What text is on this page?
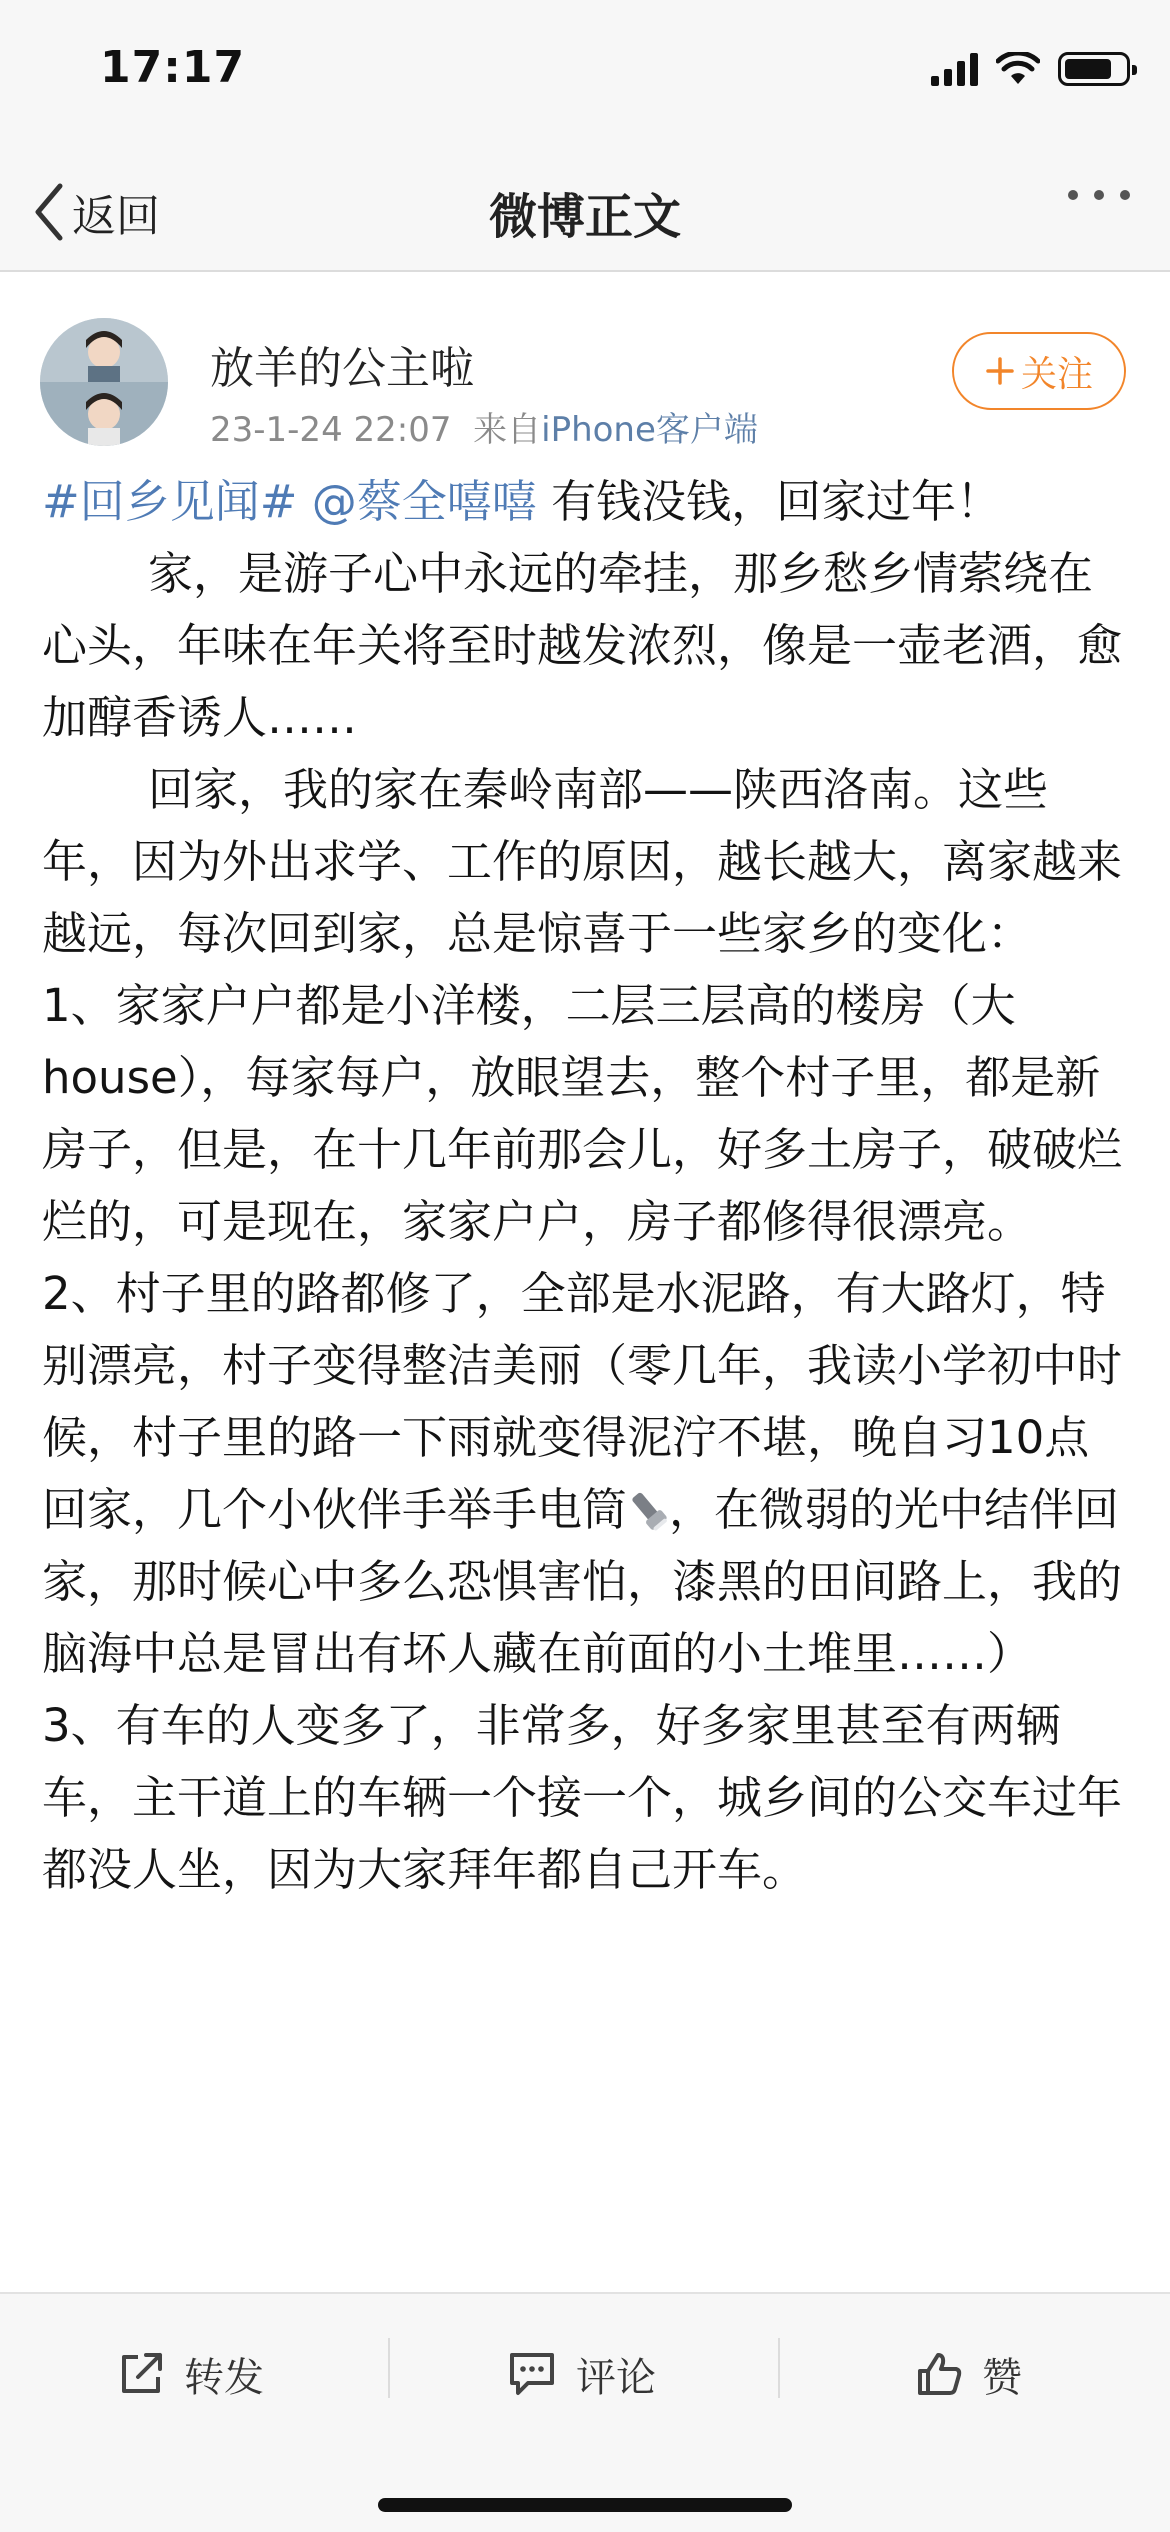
17:17
返回	微博正文
放羊的公主啦
23-1-24 22:07 来自iPhone客户端
关注

#回乡见闻# @蔡全嘻嘻 有钱没钱，回家过年！

家，是游子心中永远的牵挂，那乡愁乡情萦绕在心头，年味在年关将至时越发浓烈，像是一壶老酒，愈加醇香诱人……

回家，我的家在秦岭南部——陕西洛南。这些年，因为外出求学、工作的原因，越长越大，离家越来越远，每次回到家，总是惊喜于一些家乡的变化：

1、家家户户都是小洋楼，二层三层高的楼房（大house），每家每户，放眼望去，整个村子里，都是新房子，但是，在十几年前那会儿，好多土房子，破破烂烂的，可是现在，家家户户，房子都修得很漂亮。

2、村子里的路都修了，全部是水泥路，有大路灯，特别漂亮，村子变得整洁美丽（零几年，我读小学初中时候，村子里的路一下雨就变得泥泞不堪，晚自习10点回家，几个小伙伴手举手电筒 ，在微弱的光中结伴回家，那时候心中多么恐惧害怕，漆黑的田间路上，我的脑海中总是冒出有坏人藏在前面的小土堆里……）

3、有车的人变多了，非常多，好多家里甚至有两辆车，主干道上的车辆一个接一个，城乡间的公交车过年都没人坐，因为大家拜年都自己开车。

转发	评论	赞
